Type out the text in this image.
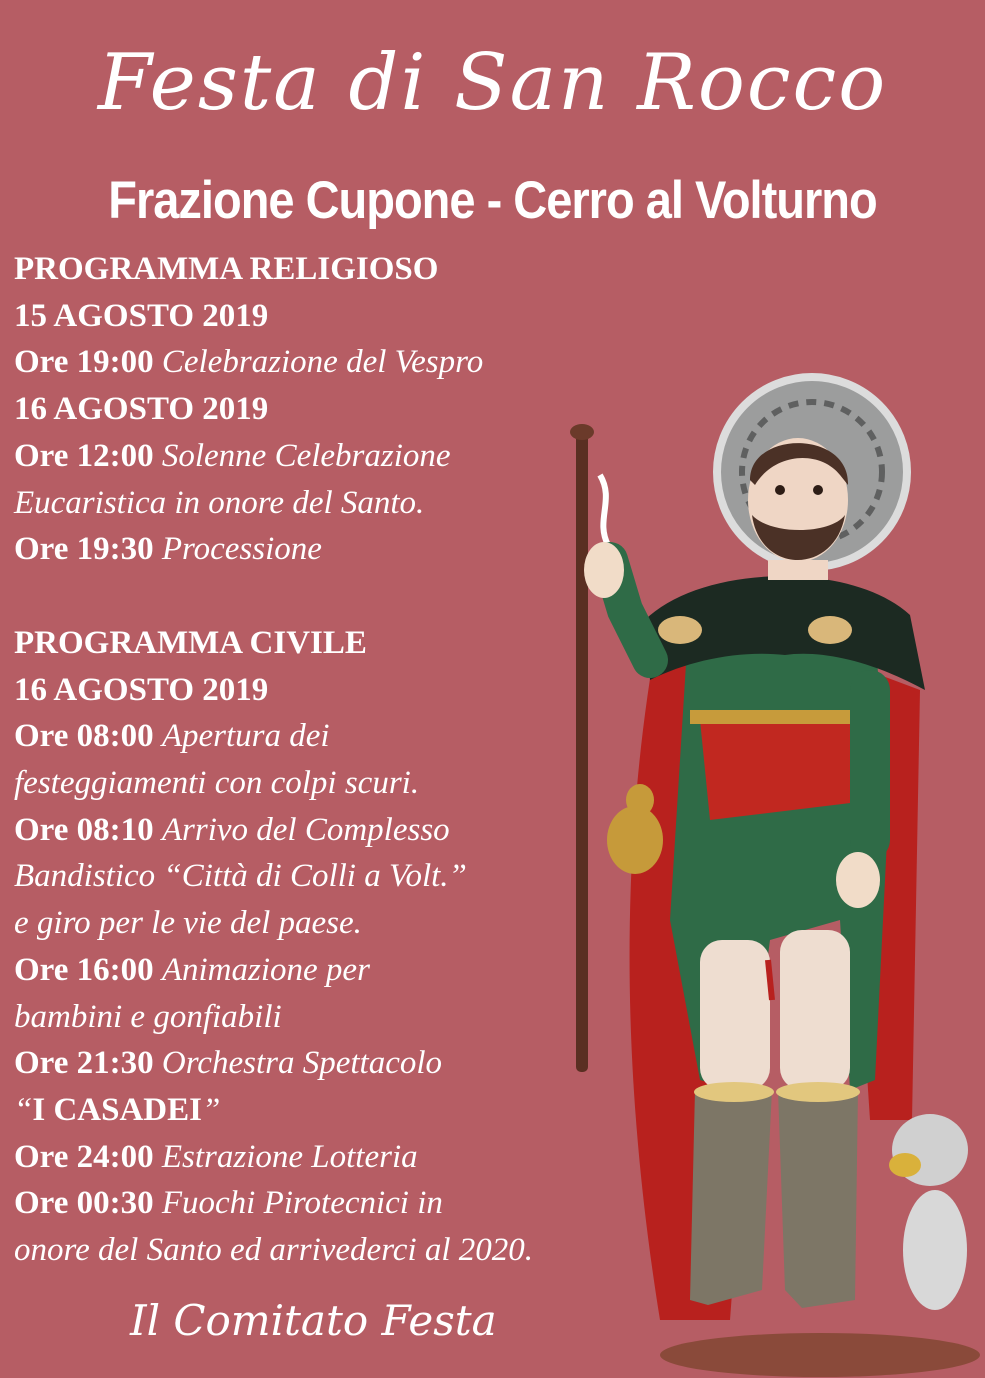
Festa di San Rocco
Frazione Cupone - Cerro al Volturno
PROGRAMMA RELIGIOSO
15 AGOSTO 2019
Ore 19:00 Celebrazione del Vespro
16 AGOSTO 2019
Ore 12:00 Solenne Celebrazione
Eucaristica in onore del Santo.
Ore 19:30 Processione
PROGRAMMA CIVILE
16 AGOSTO 2019
Ore 08:00 Apertura dei
festeggiamenti con colpi scuri.
Ore 08:10 Arrivo del Complesso
Bandistico “Città di Colli a Volt.”
e giro per le vie del paese.
Ore 16:00 Animazione per
bambini e gonfiabili
Ore 21:30 Orchestra Spettacolo
“I CASADEI”
Ore 24:00 Estrazione Lotteria
Ore 00:30 Fuochi Pirotecnici in
onore del Santo ed arrivederci al 2020.
Il Comitato Festa
